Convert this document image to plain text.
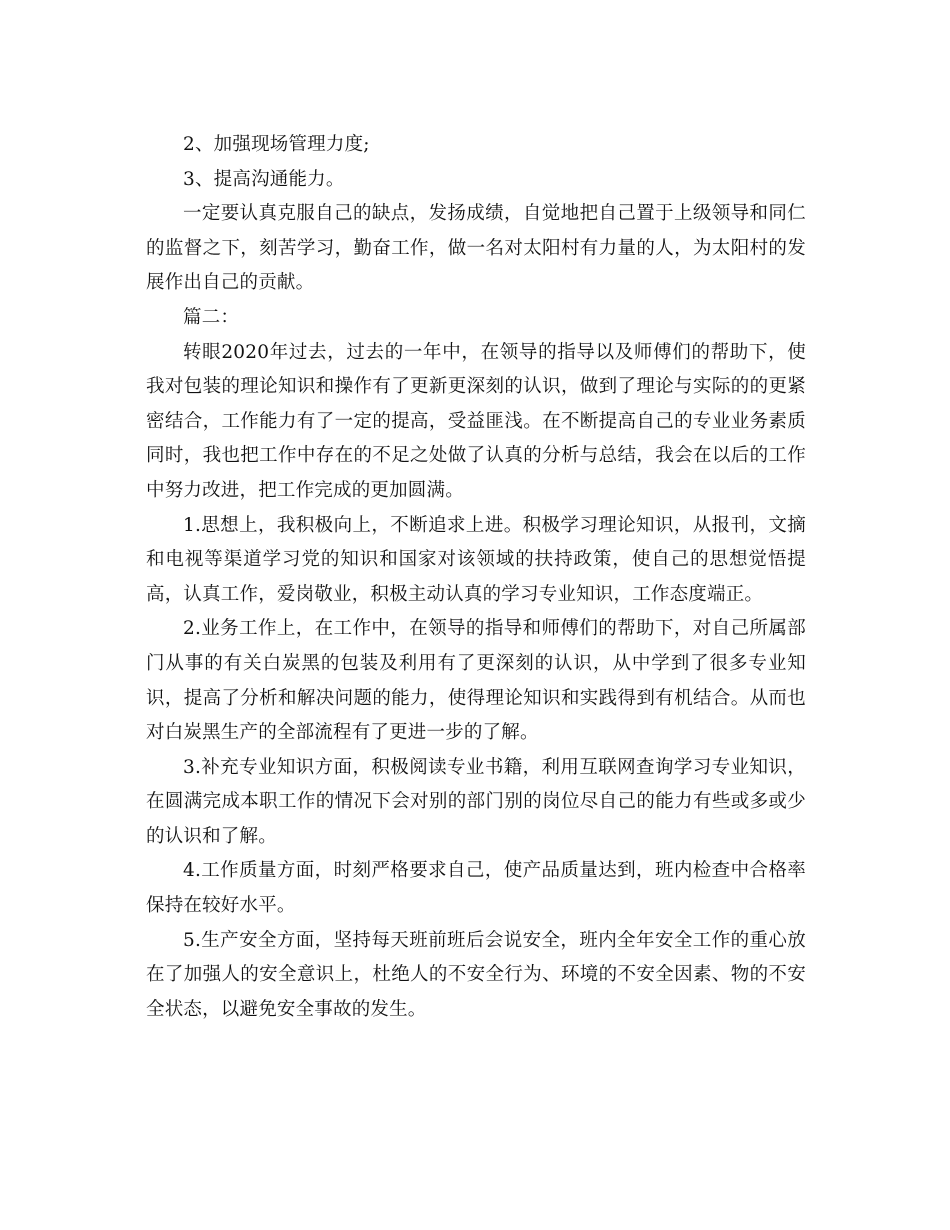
2、加强现场管理力度;

3、提高沟通能力。

一定要认真克服自己的缺点，发扬成绩，自觉地把自己置于上级领导和同仁的监督之下，刻苦学习，勤奋工作，做一名对太阳村有力量的人，为太阳村的发展作出自己的贡献。

篇二：

转眼2020年过去，过去的一年中，在领导的指导以及师傅们的帮助下，使我对包装的理论知识和操作有了更新更深刻的认识，做到了理论与实际的的更紧密结合，工作能力有了一定的提高，受益匪浅。在不断提高自己的专业业务素质同时，我也把工作中存在的不足之处做了认真的分析与总结，我会在以后的工作中努力改进，把工作完成的更加圆满。

1.思想上，我积极向上，不断追求上进。积极学习理论知识，从报刊，文摘和电视等渠道学习党的知识和国家对该领域的扶持政策，使自己的思想觉悟提高，认真工作，爱岗敬业，积极主动认真的学习专业知识，工作态度端正。

2.业务工作上，在工作中，在领导的指导和师傅们的帮助下，对自己所属部门从事的有关白炭黑的包装及利用有了更深刻的认识，从中学到了很多专业知识，提高了分析和解决问题的能力，使得理论知识和实践得到有机结合。从而也对白炭黑生产的全部流程有了更进一步的了解。

3.补充专业知识方面，积极阅读专业书籍，利用互联网查询学习专业知识，在圆满完成本职工作的情况下会对别的部门别的岗位尽自己的能力有些或多或少的认识和了解。

4.工作质量方面，时刻严格要求自己，使产品质量达到，班内检查中合格率保持在较好水平。

5.生产安全方面，坚持每天班前班后会说安全，班内全年安全工作的重心放在了加强人的安全意识上，杜绝人的不安全行为、环境的不安全因素、物的不安全状态，以避免安全事故的发生。
